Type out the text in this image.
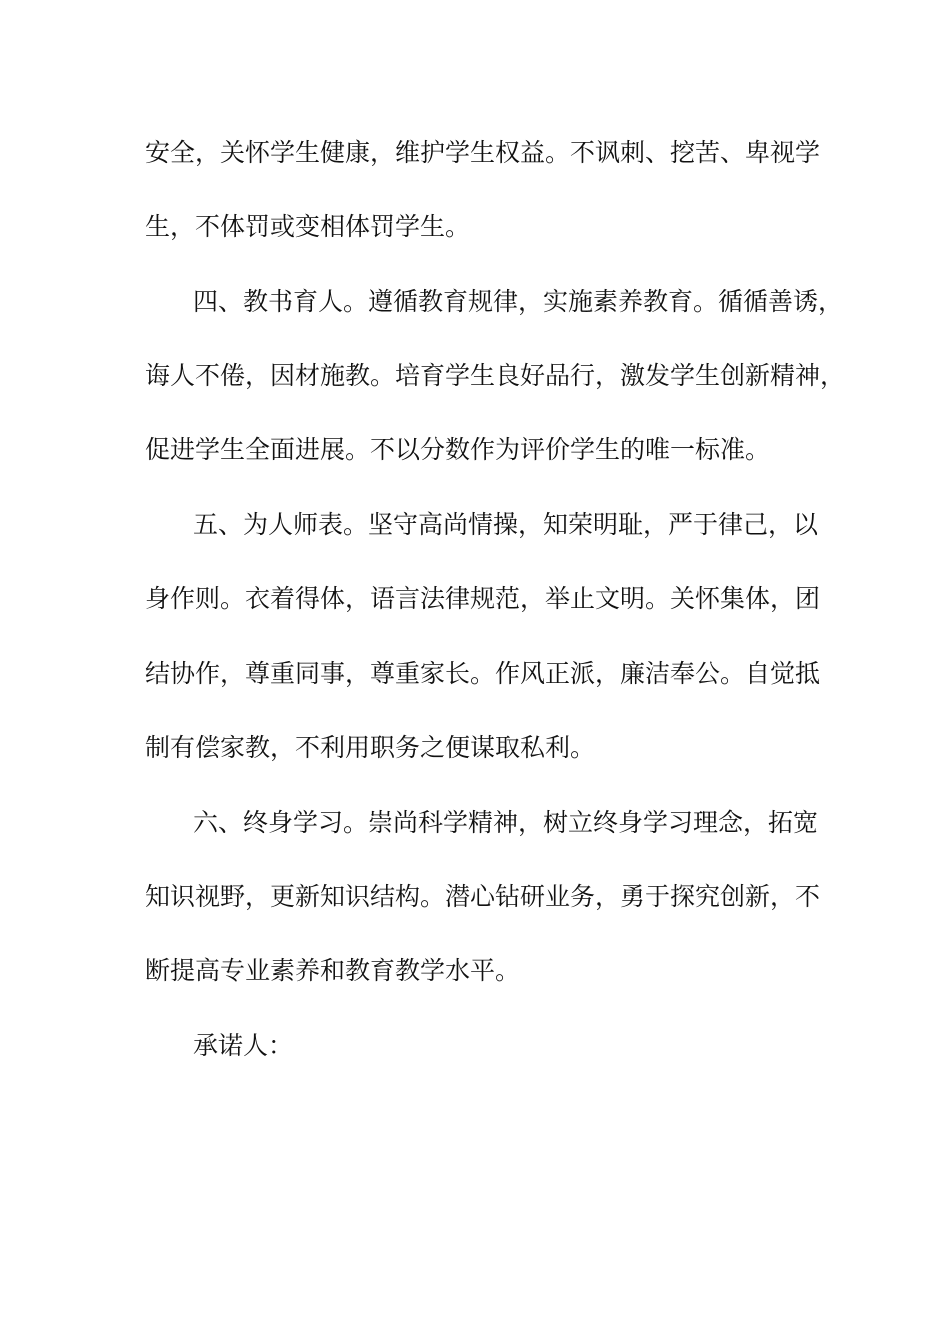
安全，关怀学生健康，维护学生权益。不讽刺、挖苦、卑视学
生，不体罚或变相体罚学生。
四、教书育人。遵循教育规律，实施素养教育。循循善诱，
诲人不倦，因材施教。培育学生良好品行，激发学生创新精神，
促进学生全面进展。不以分数作为评价学生的唯一标准。
五、为人师表。坚守高尚情操，知荣明耻，严于律己，以
身作则。衣着得体，语言法律规范，举止文明。关怀集体，团
结协作，尊重同事，尊重家长。作风正派，廉洁奉公。自觉抵
制有偿家教，不利用职务之便谋取私利。
六、终身学习。崇尚科学精神，树立终身学习理念，拓宽
知识视野，更新知识结构。潜心钻研业务，勇于探究创新，不
断提高专业素养和教育教学水平。
承诺人：
